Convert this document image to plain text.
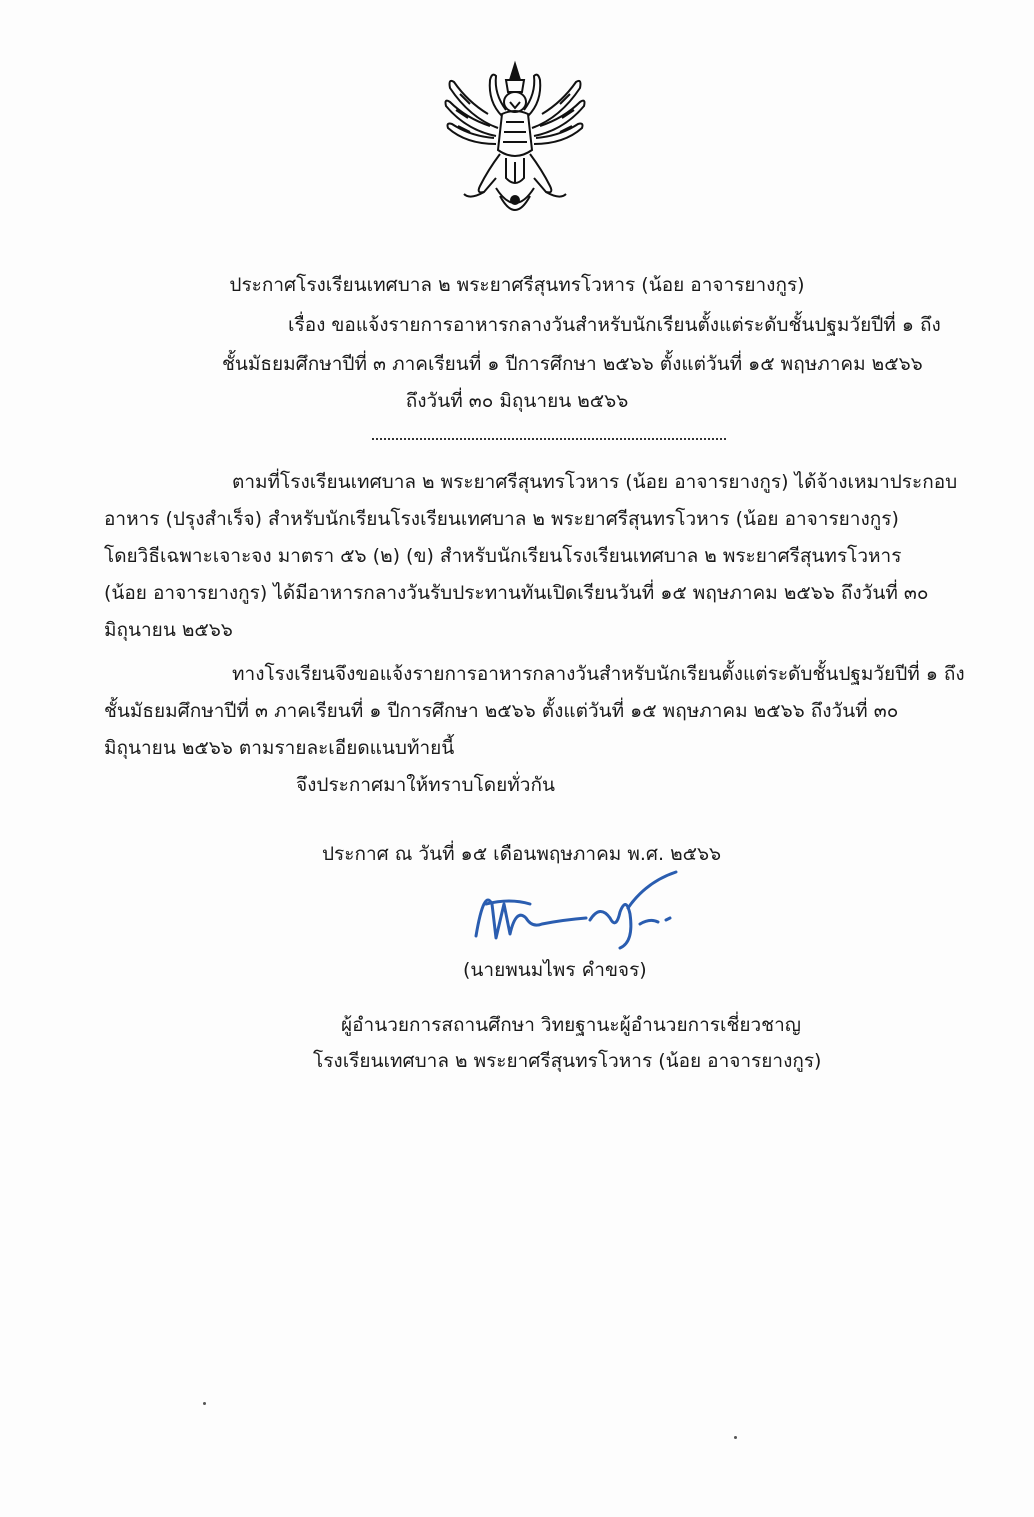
ประกาศโรงเรียนเทศบาล ๒ พระยาศรีสุนทรโวหาร (น้อย อาจารยางกูร)
เรื่อง ขอแจ้งรายการอาหารกลางวันสำหรับนักเรียนตั้งแต่ระดับชั้นปฐมวัยปีที่ ๑ ถึง
ชั้นมัธยมศึกษาปีที่ ๓ ภาคเรียนที่ ๑ ปีการศึกษา ๒๕๖๖ ตั้งแต่วันที่ ๑๕ พฤษภาคม ๒๕๖๖
ถึงวันที่ ๓๐ มิถุนายน ๒๕๖๖
ตามที่โรงเรียนเทศบาล ๒ พระยาศรีสุนทรโวหาร (น้อย อาจารยางกูร) ได้จ้างเหมาประกอบ
อาหาร (ปรุงสำเร็จ) สำหรับนักเรียนโรงเรียนเทศบาล ๒ พระยาศรีสุนทรโวหาร (น้อย อาจารยางกูร)
โดยวิธีเฉพาะเจาะจง มาตรา ๕๖ (๒) (ข) สำหรับนักเรียนโรงเรียนเทศบาล ๒ พระยาศรีสุนทรโวหาร
(น้อย อาจารยางกูร) ได้มีอาหารกลางวันรับประทานทันเปิดเรียนวันที่ ๑๕ พฤษภาคม ๒๕๖๖ ถึงวันที่ ๓๐
มิถุนายน ๒๕๖๖
ทางโรงเรียนจึงขอแจ้งรายการอาหารกลางวันสำหรับนักเรียนตั้งแต่ระดับชั้นปฐมวัยปีที่ ๑ ถึง
ชั้นมัธยมศึกษาปีที่ ๓ ภาคเรียนที่ ๑ ปีการศึกษา ๒๕๖๖ ตั้งแต่วันที่ ๑๕ พฤษภาคม ๒๕๖๖ ถึงวันที่ ๓๐
มิถุนายน ๒๕๖๖ ตามรายละเอียดแนบท้ายนี้
จึงประกาศมาให้ทราบโดยทั่วกัน
ประกาศ ณ วันที่ ๑๕ เดือนพฤษภาคม พ.ศ. ๒๕๖๖
(นายพนมไพร คำขจร)
ผู้อำนวยการสถานศึกษา วิทยฐานะผู้อำนวยการเชี่ยวชาญ
โรงเรียนเทศบาล ๒ พระยาศรีสุนทรโวหาร (น้อย อาจารยางกูร)
